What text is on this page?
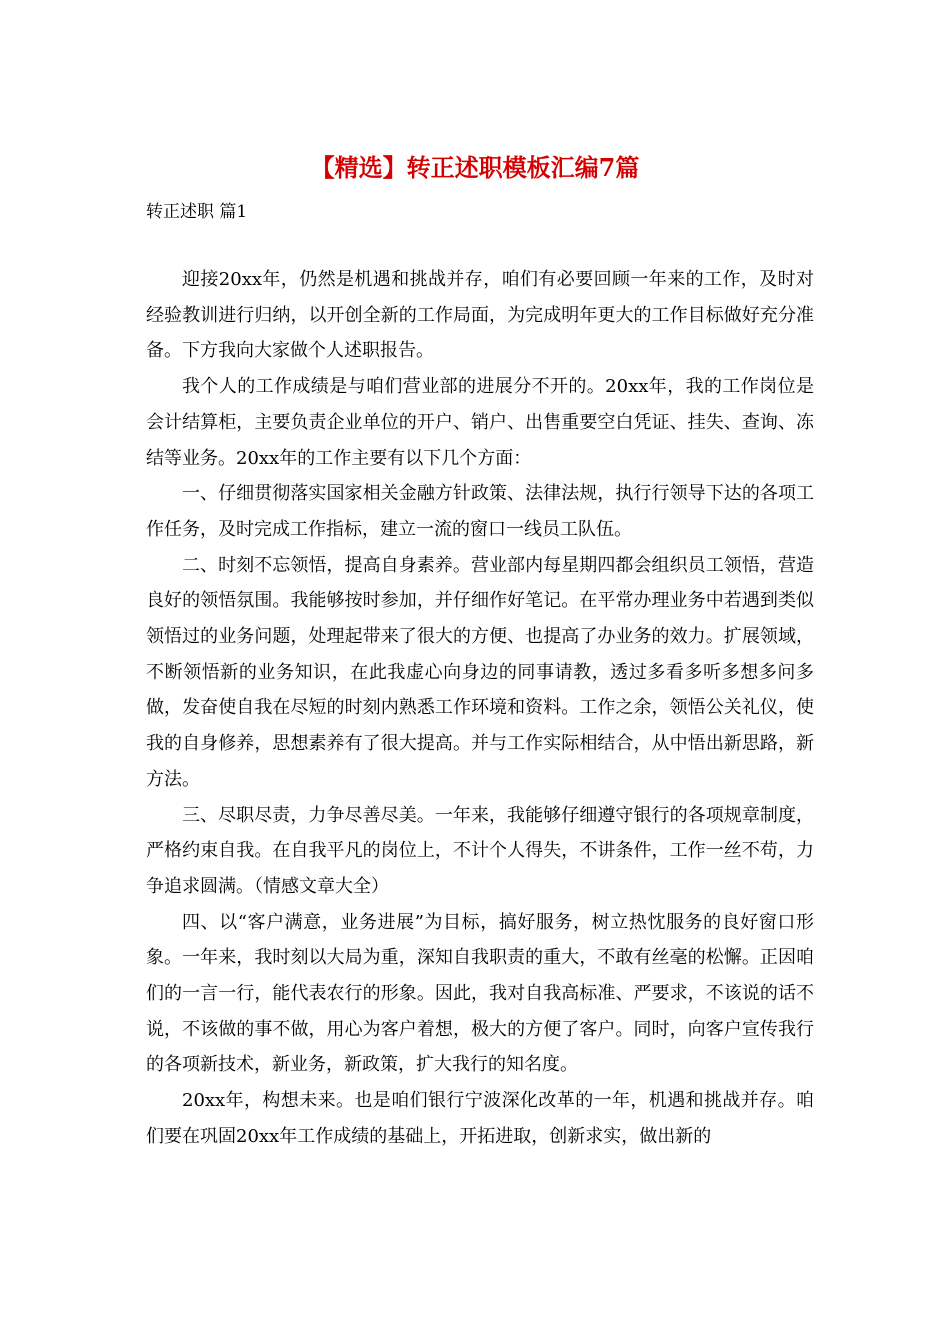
【精选】转正述职模板汇编7篇
转正述职 篇1

迎接20xx年，仍然是机遇和挑战并存，咱们有必要回顾一年来的工作，及时对经验教训进行归纳，以开创全新的工作局面，为完成明年更大的工作目标做好充分准备。下方我向大家做个人述职报告。

我个人的工作成绩是与咱们营业部的进展分不开的。20xx年，我的工作岗位是会计结算柜，主要负责企业单位的开户、销户、出售重要空白凭证、挂失、查询、冻结等业务。20xx年的工作主要有以下几个方面：

一、仔细贯彻落实国家相关金融方针政策、法律法规，执行行领导下达的各项工作任务，及时完成工作指标，建立一流的窗口一线员工队伍。

二、时刻不忘领悟，提高自身素养。营业部内每星期四都会组织员工领悟，营造良好的领悟氛围。我能够按时参加，并仔细作好笔记。在平常办理业务中若遇到类似领悟过的业务问题，处理起带来了很大的方便、也提高了办业务的效力。扩展领域，不断领悟新的业务知识，在此我虚心向身边的同事请教，透过多看多听多想多问多做，发奋使自我在尽短的时刻内熟悉工作环境和资料。工作之余，领悟公关礼仪，使我的自身修养，思想素养有了很大提高。并与工作实际相结合，从中悟出新思路，新方法。

三、尽职尽责，力争尽善尽美。一年来，我能够仔细遵守银行的各项规章制度，严格约束自我。在自我平凡的岗位上，不计个人得失，不讲条件，工作一丝不苟，力争追求圆满。（情感文章大全）

四、以“客户满意，业务进展”为目标，搞好服务，树立热忱服务的良好窗口形象。一年来，我时刻以大局为重，深知自我职责的重大，不敢有丝毫的松懈。正因咱们的一言一行，能代表农行的形象。因此，我对自我高标准、严要求，不该说的话不说，不该做的事不做，用心为客户着想，极大的方便了客户。同时，向客户宣传我行的各项新技术，新业务，新政策，扩大我行的知名度。

20xx年，构想未来。也是咱们银行宁波深化改革的一年，机遇和挑战并存。咱们要在巩固20xx年工作成绩的基础上，开拓进取，创新求实，做出新的
